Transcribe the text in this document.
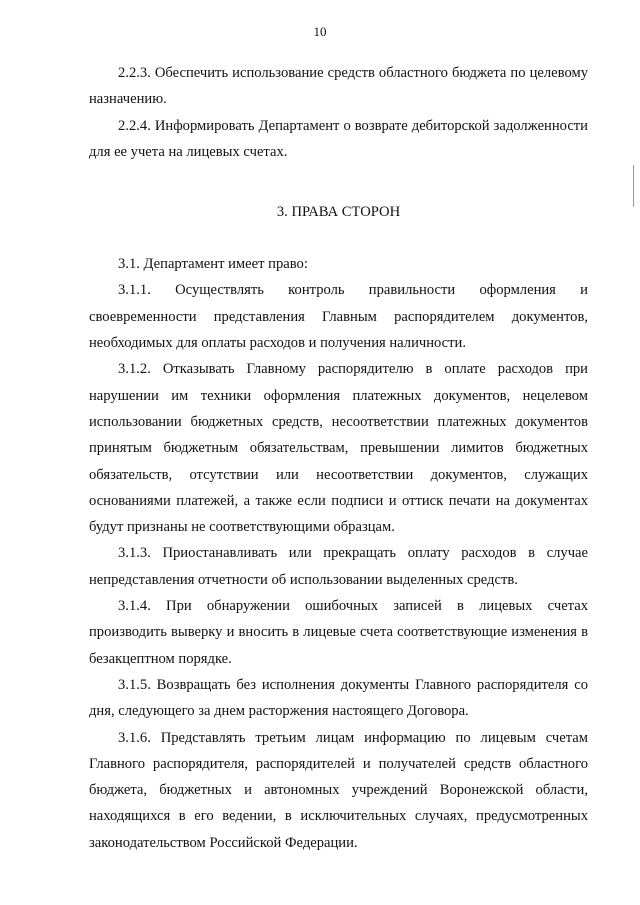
10

2.2.3. Обеспечить использование средств областного бюджета по целевому назначению.

2.2.4. Информировать Департамент о возврате дебиторской задолженности для ее учета на лицевых счетах.

3. ПРАВА СТОРОН

3.1. Департамент имеет право:

3.1.1. Осуществлять контроль правильности оформления и своевременности представления Главным распорядителем документов, необходимых для оплаты расходов и получения наличности.

3.1.2. Отказывать Главному распорядителю в оплате расходов при нарушении им техники оформления платежных документов, нецелевом использовании бюджетных средств, несоответствии платежных документов принятым бюджетным обязательствам, превышении лимитов бюджетных обязательств, отсутствии или несоответствии документов, служащих основаниями платежей, а также если подписи и оттиск печати на документах будут признаны не соответствующими образцам.

3.1.3. Приостанавливать или прекращать оплату расходов в случае непредставления отчетности об использовании выделенных средств.

3.1.4. При обнаружении ошибочных записей в лицевых счетах производить выверку и вносить в лицевые счета соответствующие изменения в безакцептном порядке.

3.1.5. Возвращать без исполнения документы Главного распорядителя со дня, следующего за днем расторжения настоящего Договора.

3.1.6. Представлять третьим лицам информацию по лицевым счетам Главного распорядителя, распорядителей и получателей средств областного бюджета, бюджетных и автономных учреждений Воронежской области, находящихся в его ведении, в исключительных случаях, предусмотренных законодательством Российской Федерации.
